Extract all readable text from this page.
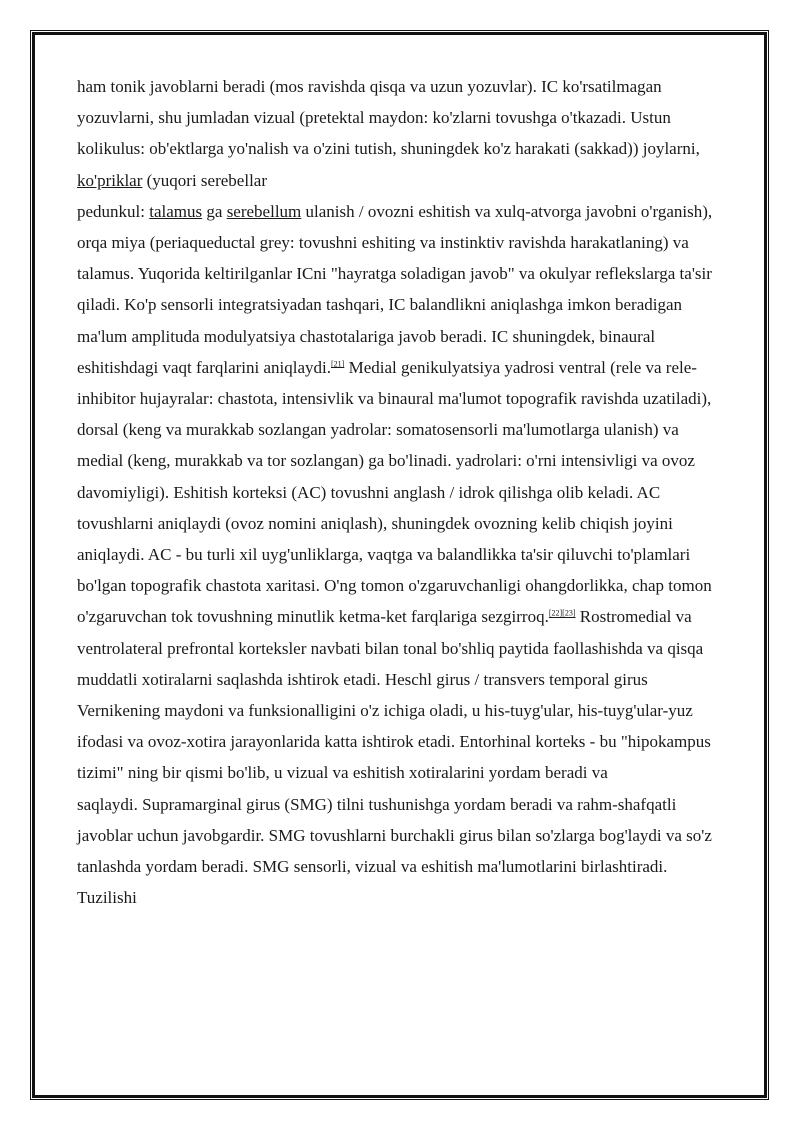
ham tonik javoblarni beradi (mos ravishda qisqa va uzun yozuvlar). IC ko'rsatilmagan yozuvlarni, shu jumladan vizual (pretektal maydon: ko'zlarni tovushga o'tkazadi. Ustun kolikulus: ob'ektlarga yo'nalish va o'zini tutish, shuningdek ko'z harakati (sakkad)) joylarni, ko'priklar (yuqori serebellar
pedunkul: talamus ga serebellum ulanish / ovozni eshitish va xulq-atvorga javobni o'rganish), orqa miya (periaqueductal grey: tovushni eshiting va instinktiv ravishda harakatlaning) va talamus. Yuqorida keltirilganlar ICni "hayratga soladigan javob" va okulyar reflekslarga ta'sir qiladi. Ko'p sensorli integratsiyadan tashqari, IC balandlikni aniqlashga imkon beradigan ma'lum amplituda modulyatsiya chastotalariga javob beradi. IC shuningdek, binaural eshitishdagi vaqt farqlarini aniqlaydi.[21] Medial genikulyatsiya yadrosi ventral (rele va rele-inhibitor hujayralar: chastota, intensivlik va binaural ma'lumot topografik ravishda uzatiladi), dorsal (keng va murakkab sozlangan yadrolar: somatosensorli ma'lumotlarga ulanish) va medial (keng, murakkab va tor sozlangan) ga bo'linadi. yadrolari: o'rni intensivligi va ovoz davomiyligi). Eshitish korteksi (AC) tovushni anglash / idrok qilishga olib keladi. AC tovushlarni aniqlaydi (ovoz nomini aniqlash), shuningdek ovozning kelib chiqish joyini aniqlaydi. AC - bu turli xil uyg'unliklarga, vaqtga va balandlikka ta'sir qiluvchi to'plamlari bo'lgan topografik chastota xaritasi. O'ng tomon o'zgaruvchanligi ohangdorlikka, chap tomon o'zgaruvchan tok tovushning minutlik ketma-ket farqlariga sezgirroq.[22][23] Rostromedial va ventrolateral prefrontal korteksler navbati bilan tonal bo'shliq paytida faollashishda va qisqa muddatli xotiralarni saqlashda ishtirok etadi. Heschl girus / transvers temporal girus Vernikening maydoni va funksionalligini o'z ichiga oladi, u his-tuyg'ular, his-tuyg'ular-yuz ifodasi va ovoz-xotira jarayonlarida katta ishtirok etadi. Entorhinal korteks - bu "hipokampus tizimi" ning bir qismi bo'lib, u vizual va eshitish xotiralarini yordam beradi va
saqlaydi. Supramarginal girus (SMG) tilni tushunishga yordam beradi va rahm-shafqatli javoblar uchun javobgardir. SMG tovushlarni burchakli girus bilan so'zlarga bog'laydi va so'z tanlashda yordam beradi. SMG sensorli, vizual va eshitish ma'lumotlarini birlashtiradi.

Tuzilishi
